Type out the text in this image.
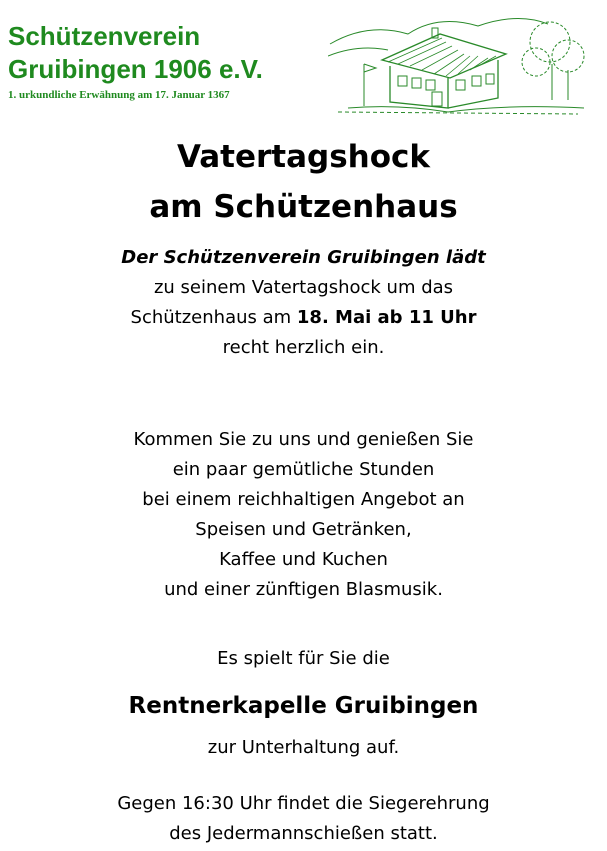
Schützenverein
Gruibingen 1906 e.V.
1. urkundliche Erwähnung am 17. Januar 1367
Vatertagshock
am Schützenhaus

Der Schützenverein Gruibingen lädt

zu seinem Vatertagshock um das

Schützenhaus am 18. Mai ab 11 Uhr

recht herzlich ein.

Kommen Sie zu uns und genießen Sie

ein paar gemütliche Stunden

bei einem reichhaltigen Angebot an

Speisen und Getränken,

Kaffee und Kuchen

und einer zünftigen Blasmusik.

Es spielt für Sie die
Rentnerkapelle Gruibingen
zur Unterhaltung auf.

Gegen 16:30 Uhr findet die Siegerehrung

des Jedermannschießen statt.
